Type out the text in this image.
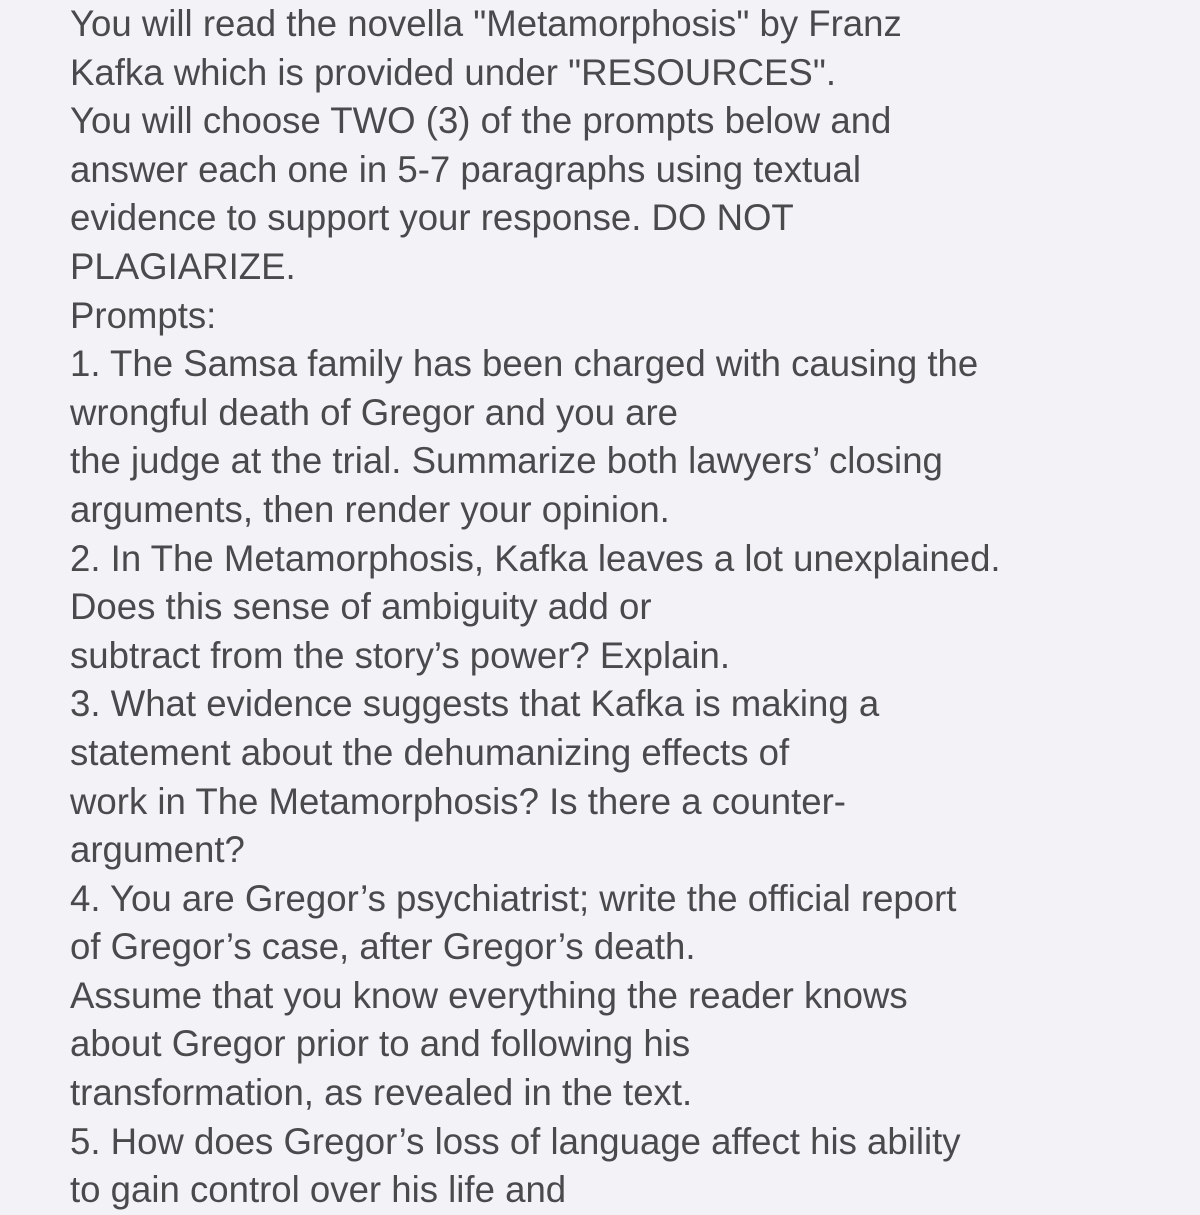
You will read the novella "Metamorphosis" by Franz
Kafka which is provided under "RESOURCES".
You will choose TWO (3) of the prompts below and
answer each one in 5-7 paragraphs using textual
evidence to support your response. DO NOT
PLAGIARIZE.
Prompts:
1. The Samsa family has been charged with causing the
wrongful death of Gregor and you are
the judge at the trial. Summarize both lawyers’ closing
arguments, then render your opinion.
2. In The Metamorphosis, Kafka leaves a lot unexplained.
Does this sense of ambiguity add or
subtract from the story’s power? Explain.
3. What evidence suggests that Kafka is making a
statement about the dehumanizing effects of
work in The Metamorphosis? Is there a counter-
argument?
4. You are Gregor’s psychiatrist; write the official report
of Gregor’s case, after Gregor’s death.
Assume that you know everything the reader knows
about Gregor prior to and following his
transformation, as revealed in the text.
5. How does Gregor’s loss of language affect his ability
to gain control over his life and
